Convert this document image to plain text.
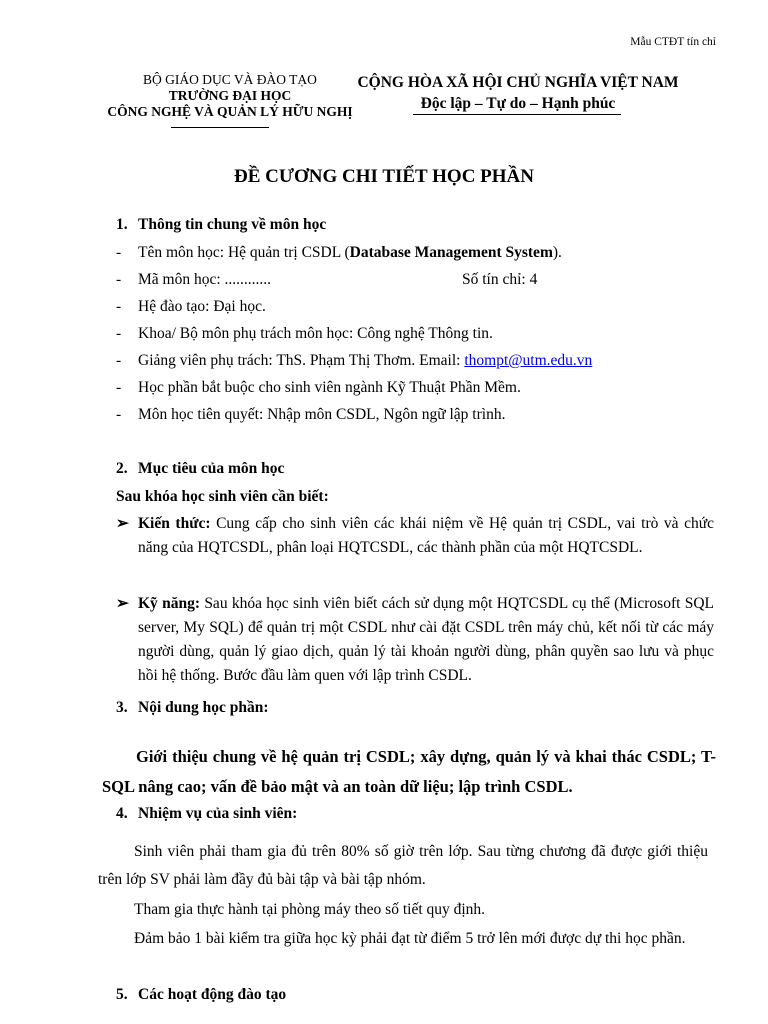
Mẫu CTĐT tín chỉ
BỘ GIÁO DỤC VÀ ĐÀO TẠO
TRƯỜNG ĐẠI HỌC
CÔNG NGHỆ VÀ QUẢN LÝ HỮU NGHỊ
CỘNG HÒA XÃ HỘI CHỦ NGHĨA VIỆT NAM
Độc lập – Tự do – Hạnh phúc
ĐỀ CƯƠNG CHI TIẾT HỌC PHẦN
1. Thông tin chung về môn học
- Tên môn học: Hệ quản trị CSDL (Database Management System).
- Mã môn học: ............	Số tín chỉ: 4
- Hệ đào tạo: Đại học.
- Khoa/ Bộ môn phụ trách môn học: Công nghệ Thông tin.
- Giảng viên phụ trách: ThS. Phạm Thị Thơm. Email: thompt@utm.edu.vn
- Học phần bắt buộc cho sinh viên ngành Kỹ Thuật Phần Mềm.
- Môn học tiên quyết: Nhập môn CSDL, Ngôn ngữ lập trình.
2. Mục tiêu của môn học
Sau khóa học sinh viên cần biết:
➢ Kiến thức: Cung cấp cho sinh viên các khái niệm về Hệ quản trị CSDL, vai trò và chức năng của HQTCSDL, phân loại HQTCSDL, các thành phần của một HQTCSDL.
➢ Kỹ năng: Sau khóa học sinh viên biết cách sử dụng một HQTCSDL cụ thể (Microsoft SQL server, My SQL) để quản trị một CSDL như cài đặt CSDL trên máy chủ, kết nối từ các máy người dùng, quản lý giao dịch, quản lý tài khoản người dùng, phân quyền sao lưu và phục hồi hệ thống. Bước đầu làm quen với lập trình CSDL.
3. Nội dung học phần:
Giới thiệu chung về hệ quản trị CSDL; xây dựng, quản lý và khai thác CSDL; T-SQL nâng cao; vấn đề bảo mật và an toàn dữ liệu; lập trình CSDL.
4. Nhiệm vụ của sinh viên:
Sinh viên phải tham gia đủ trên 80% số giờ trên lớp. Sau từng chương đã được giới thiệu trên lớp SV phải làm đầy đủ bài tập và bài tập nhóm.
Tham gia thực hành tại phòng máy theo số tiết quy định.
Đảm bảo 1 bài kiểm tra giữa học kỳ phải đạt từ điểm 5 trở lên mới được dự thi học phần.
5. Các hoạt động đào tạo
